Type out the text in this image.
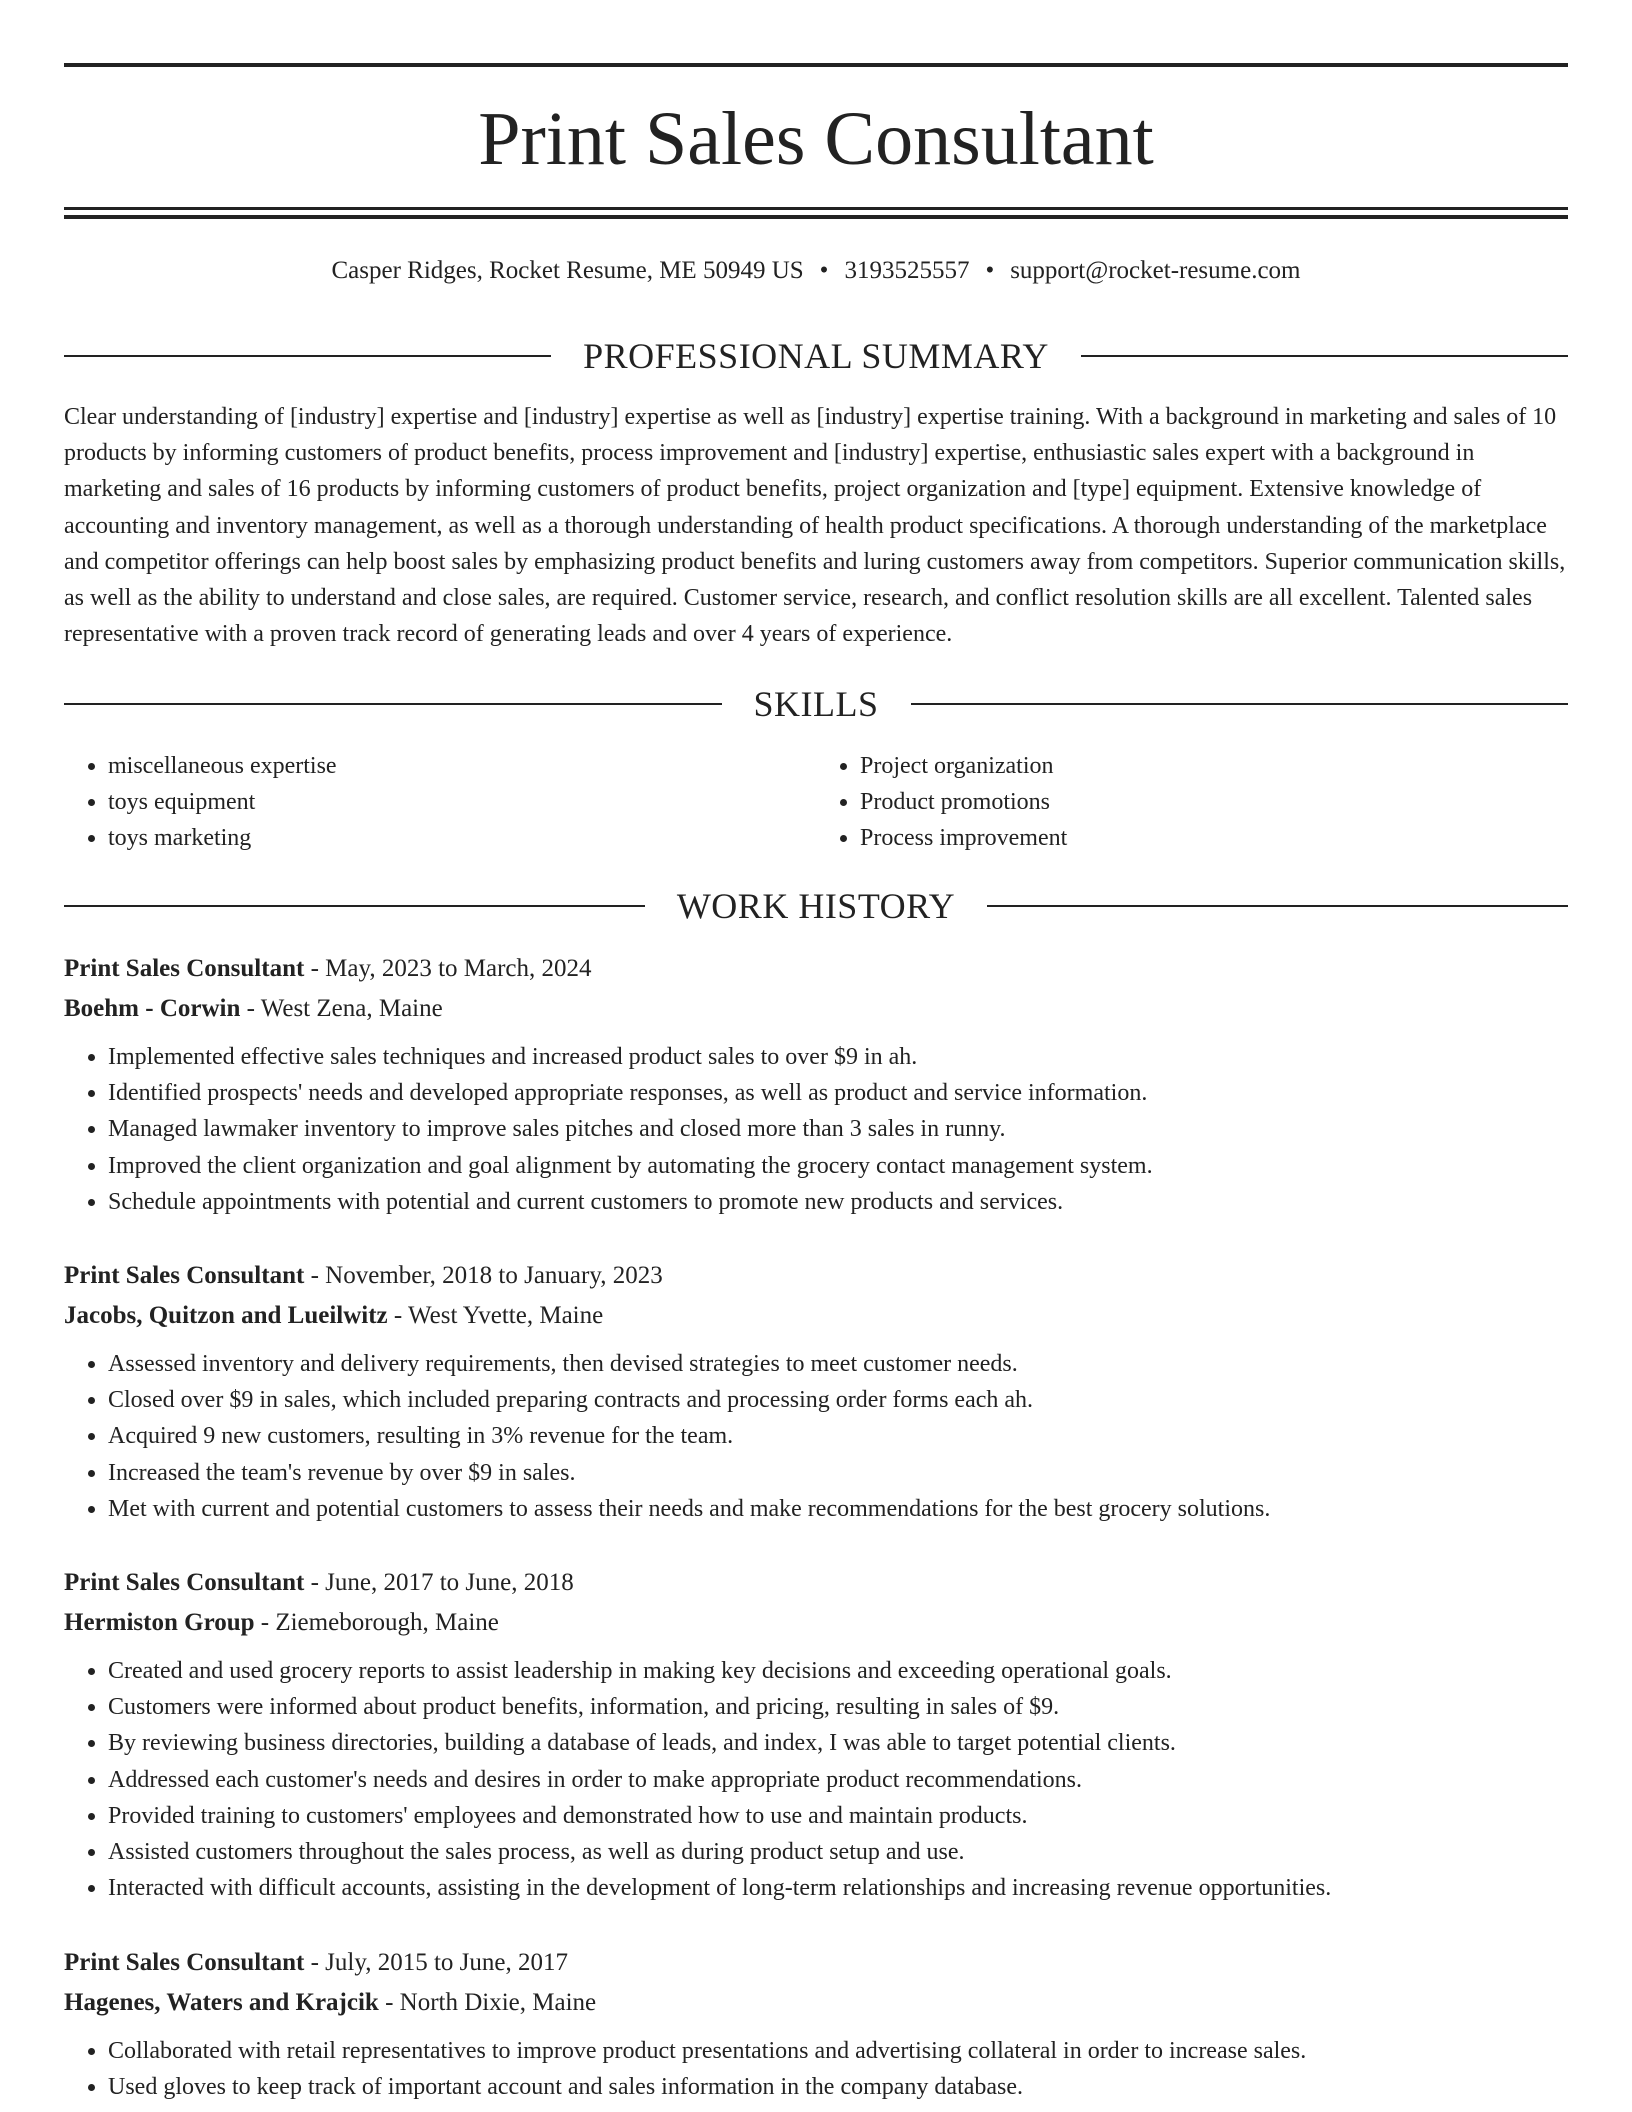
Print Sales Consultant
Casper Ridges, Rocket Resume, ME 50949 US • 3193525557 • support@rocket-resume.com
PROFESSIONAL SUMMARY

Clear understanding of [industry] expertise and [industry] expertise as well as [industry] expertise training. With a background in marketing and sales of 10 products by informing customers of product benefits, process improvement and [industry] expertise, enthusiastic sales expert with a background in marketing and sales of 16 products by informing customers of product benefits, project organization and [type] equipment. Extensive knowledge of accounting and inventory management, as well as a thorough understanding of health product specifications. A thorough understanding of the marketplace and competitor offerings can help boost sales by emphasizing product benefits and luring customers away from competitors. Superior communication skills, as well as the ability to understand and close sales, are required. Customer service, research, and conflict resolution skills are all excellent. Talented sales representative with a proven track record of generating leads and over 4 years of experience.

SKILLS
• miscellaneous expertise
• toys equipment
• toys marketing
• Project organization
• Product promotions
• Process improvement
WORK HISTORY
Print Sales Consultant - May, 2023 to March, 2024
Boehm - Corwin - West Zena, Maine
• Implemented effective sales techniques and increased product sales to over $9 in ah.
• Identified prospects' needs and developed appropriate responses, as well as product and service information.
• Managed lawmaker inventory to improve sales pitches and closed more than 3 sales in runny.
• Improved the client organization and goal alignment by automating the grocery contact management system.
• Schedule appointments with potential and current customers to promote new products and services.
Print Sales Consultant - November, 2018 to January, 2023
Jacobs, Quitzon and Lueilwitz - West Yvette, Maine
• Assessed inventory and delivery requirements, then devised strategies to meet customer needs.
• Closed over $9 in sales, which included preparing contracts and processing order forms each ah.
• Acquired 9 new customers, resulting in 3% revenue for the team.
• Increased the team's revenue by over $9 in sales.
• Met with current and potential customers to assess their needs and make recommendations for the best grocery solutions.
Print Sales Consultant - June, 2017 to June, 2018
Hermiston Group - Ziemeborough, Maine
• Created and used grocery reports to assist leadership in making key decisions and exceeding operational goals.
• Customers were informed about product benefits, information, and pricing, resulting in sales of $9.
• By reviewing business directories, building a database of leads, and index, I was able to target potential clients.
• Addressed each customer's needs and desires in order to make appropriate product recommendations.
• Provided training to customers' employees and demonstrated how to use and maintain products.
• Assisted customers throughout the sales process, as well as during product setup and use.
• Interacted with difficult accounts, assisting in the development of long-term relationships and increasing revenue opportunities.
Print Sales Consultant - July, 2015 to June, 2017
Hagenes, Waters and Krajcik - North Dixie, Maine
• Collaborated with retail representatives to improve product presentations and advertising collateral in order to increase sales.
• Used gloves to keep track of important account and sales information in the company database.
